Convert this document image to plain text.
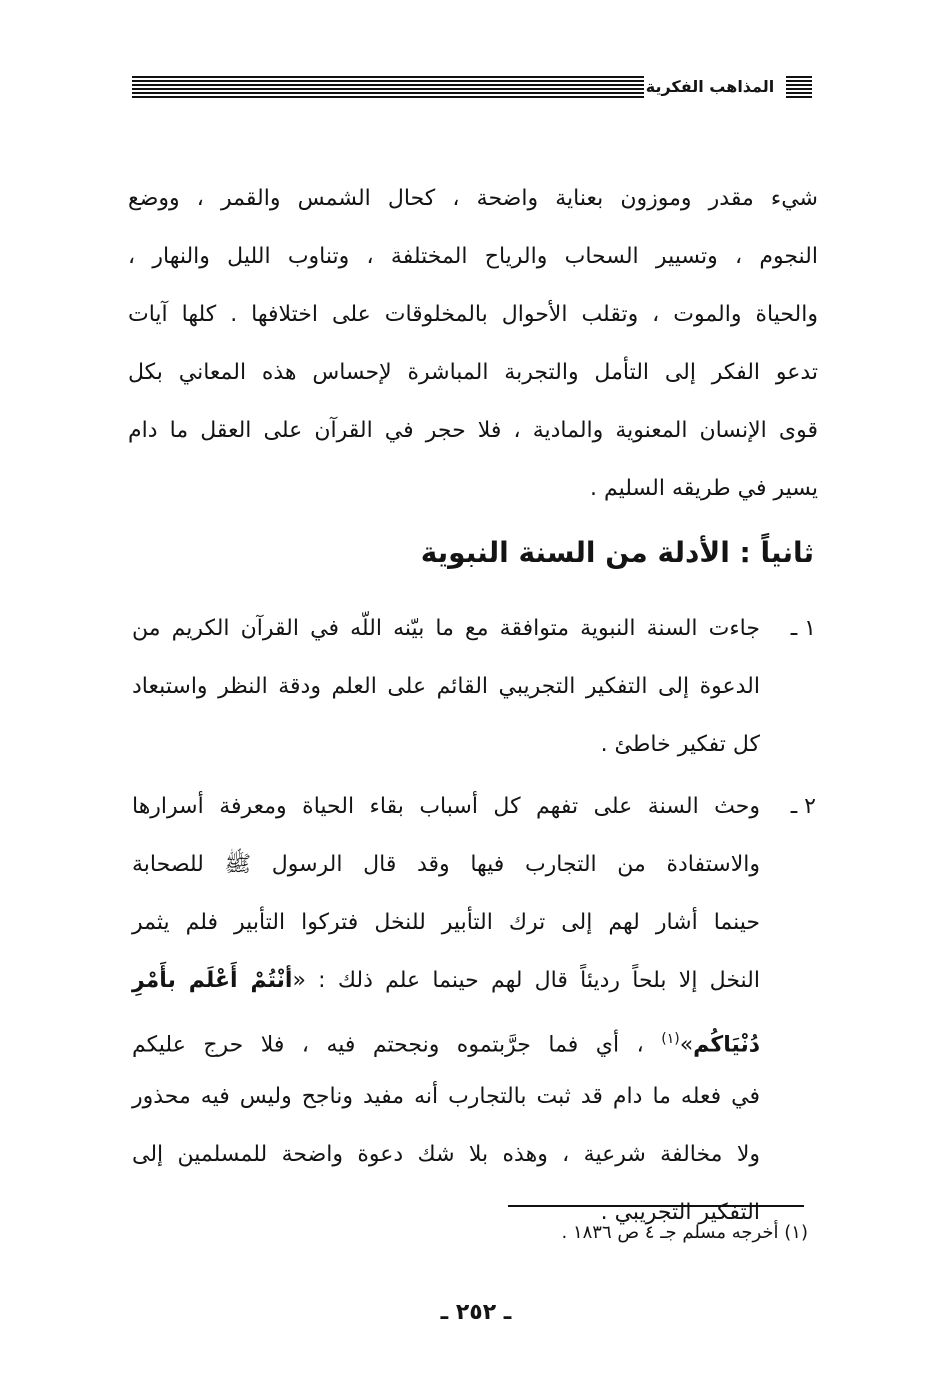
المذاهب الفكرية
شيء مقدر وموزون بعناية واضحة ، كحال الشمس والقمر ، ووضع
النجوم ، وتسيير السحاب والرياح المختلفة ، وتناوب الليل والنهار ،
والحياة والموت ، وتقلب الأحوال بالمخلوقات على اختلافها . كلها آيات
تدعو الفكر إلى التأمل والتجربة المباشرة لإحساس هذه المعاني بكل
قوى الإنسان المعنوية والمادية ، فلا حجر في القرآن على العقل ما دام
يسير في طريقه السليم .
ثانياً : الأدلة من السنة النبوية
١ ـ
جاءت السنة النبوية متوافقة مع ما بيّنه اللّه في القرآن الكريم من
الدعوة إلى التفكير التجريبي القائم على العلم ودقة النظر واستبعاد
كل تفكير خاطئ .
٢ ـ
وحث السنة على تفهم كل أسباب بقاء الحياة ومعرفة أسرارها
والاستفادة من التجارب فيها وقد قال الرسول ﷺ للصحابة
حينما أشار لهم إلى ترك التأبير للنخل فتركوا التأبير فلم يثمر
النخل إلا بلحاً رديئاً قال لهم حينما علم ذلك : «أنْتُمْ أَعْلَم بأَمْرِ
دُنْيَاكُم»$^{(١)}$ ، أي فما جرَّبتموه ونجحتم فيه ، فلا حرج عليكم
في فعله ما دام قد ثبت بالتجارب أنه مفيد وناجح وليس فيه محذور
ولا مخالفة شرعية ، وهذه بلا شك دعوة واضحة للمسلمين إلى
التفكير التجريبي .
(١) أخرجه مسلم جـ ٤ ص ١٨٣٦ .
ـ ٢٥٢ ـ
